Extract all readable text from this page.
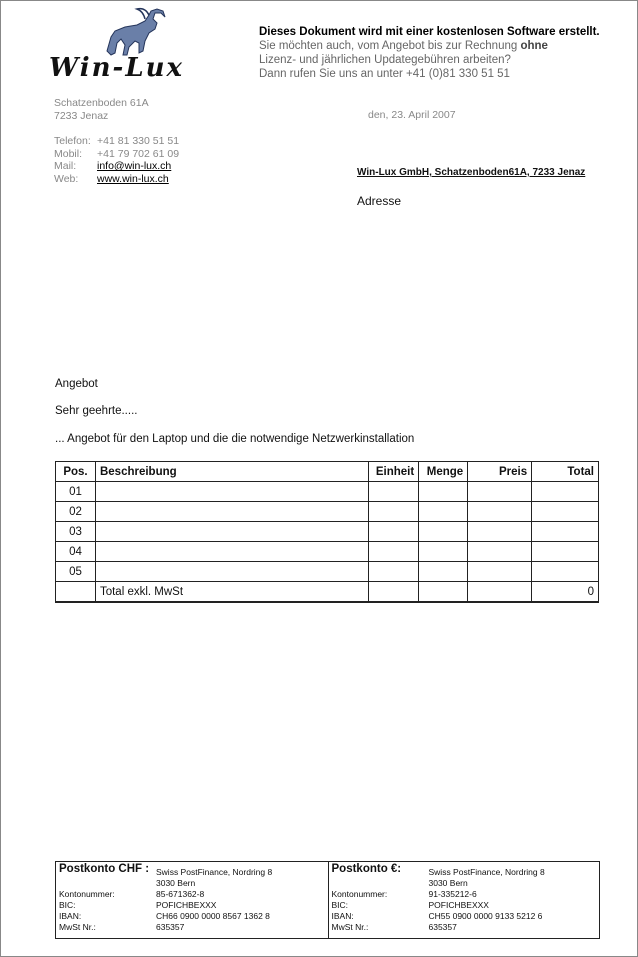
Win-Lux
Dieses Dokument wird mit einer kostenlosen Software erstellt.
Sie möchten auch, vom Angebot bis zur Rechnung ohne
Lizenz- und jährlichen Updategebühren arbeiten?
Dann rufen Sie uns an unter +41 (0)81 330 51 51
Schatzenboden 61A
7233 Jenaz	den, 23. April 2007
Telefon: +41 81 330 51 51
Mobil:	+41 79 702 61 09
Mail:	info@win-lux.ch
Web:	www.win-lux.ch	Win-Lux GmbH, Schatzenboden61A, 7233 Jenaz
Adresse
Angebot
Sehr geehrte.....
... Angebot für den Laptop und die die notwendige Netzwerkinstallation
Pos.	Beschreibung	Einheit	Menge	Preis	Total
01					
02					
03					
04					
05					
	Total exkl. MwSt				0
Postkonto CHF : Swiss PostFinance, Nordring 8
3030 Bern
Kontonummer:	85-671362-8
BIC:	POFICHBEXXX
IBAN:	CH66 0900 0000 8567 1362 8
MwSt Nr.:	635357
Postkonto €:	Swiss PostFinance, Nordring 8
3030 Bern
Kontonummer:	91-335212-6
BIC:	POFICHBEXXX
IBAN:	CH55 0900 0000 9133 5212 6
MwSt Nr.:	635357
